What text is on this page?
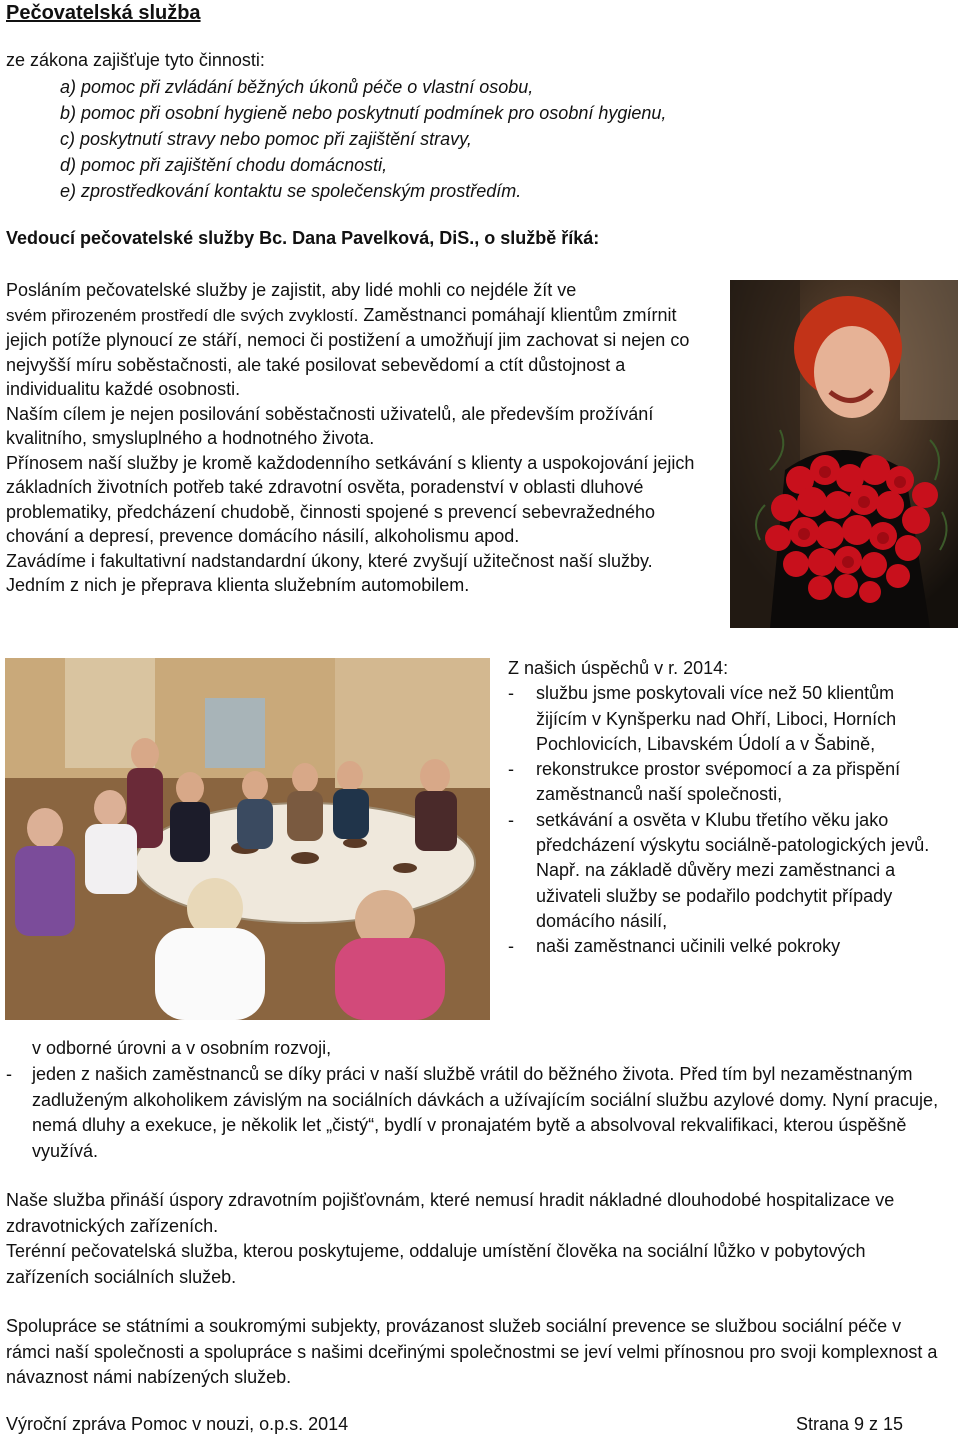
Pečovatelská služba
ze zákona zajišťuje tyto činnosti:
a) pomoc při zvládání běžných úkonů péče o vlastní osobu,
b) pomoc při osobní hygieně nebo poskytnutí podmínek pro osobní hygienu,
c) poskytnutí stravy nebo pomoc při zajištění stravy,
d) pomoc při zajištění chodu domácnosti,
e) zprostředkování kontaktu se společenským prostředím.
Vedoucí pečovatelské služby Bc. Dana Pavelková, DiS., o službě říká:

Posláním pečovatelské služby je zajistit, aby lidé mohli co nejdéle žít ve
svém přirozeném prostředí dle svých zvyklostí. Zaměstnanci pomáhají klientům zmírnit jejich potíže plynoucí ze stáří, nemoci či postižení a umožňují jim zachovat si nejen co nejvyšší míru soběstačnosti, ale také posilovat sebevědomí a ctít důstojnost a individualitu každé osobnosti.

Naším cílem je nejen posilování soběstačnosti uživatelů, ale především prožívání kvalitního, smysluplného a hodnotného života.

Přínosem naší služby je kromě každodenního setkávání s klienty a uspokojování jejich základních životních potřeb také zdravotní osvěta, poradenství v oblasti dluhové problematiky, předcházení chudobě, činnosti spojené s prevencí sebevražedného chování a depresí, prevence domácího násilí, alkoholismu apod.

Zavádíme i fakultativní nadstandardní úkony, které zvyšují užitečnost naší služby. Jedním z nich je přeprava klienta služebním automobilem.

Z našich úspěchů v r. 2014:
- službu jsme poskytovali více než 50 klientům žijícím v Kynšperku nad Ohří, Liboci, Horních Pochlovicích, Libavském Údolí a v Šabině,
- rekonstrukce prostor svépomocí a za přispění zaměstnanců naší společnosti,
- setkávání a osvěta v Klubu třetího věku jako předcházení výskytu sociálně-patologických jevů. Např. na základě důvěry mezi zaměstnanci a uživateli služby se podařilo podchytit případy domácího násilí,
- naši zaměstnanci učinili velké pokroky
v odborné úrovni a v osobním rozvoji,
-	jeden z našich zaměstnanců se díky práci v naší službě vrátil do běžného života. Před tím byl nezaměstnaným zadluženým alkoholikem závislým na sociálních dávkách a užívajícím sociální službu azylové domy. Nyní pracuje, nemá dluhy a exekuce, je několik let „čistý“, bydlí v pronajatém bytě a absolvoval rekvalifikaci, kterou úspěšně využívá.

Naše služba přináší úspory zdravotním pojišťovnám, které nemusí hradit nákladné dlouhodobé hospitalizace ve zdravotnických zařízeních.

Terénní pečovatelská služba, kterou poskytujeme, oddaluje umístění člověka na sociální lůžko v pobytových zařízeních sociálních služeb.

Spolupráce se státními a soukromými subjekty, provázanost služeb sociální prevence se službou sociální péče v rámci naší společnosti a spolupráce s našimi dceřinými společnostmi se jeví velmi přínosnou pro svoji komplexnost a návaznost námi nabízených služeb.
Výroční zpráva Pomoc v nouzi, o.p.s. 2014	Strana 9 z 15
